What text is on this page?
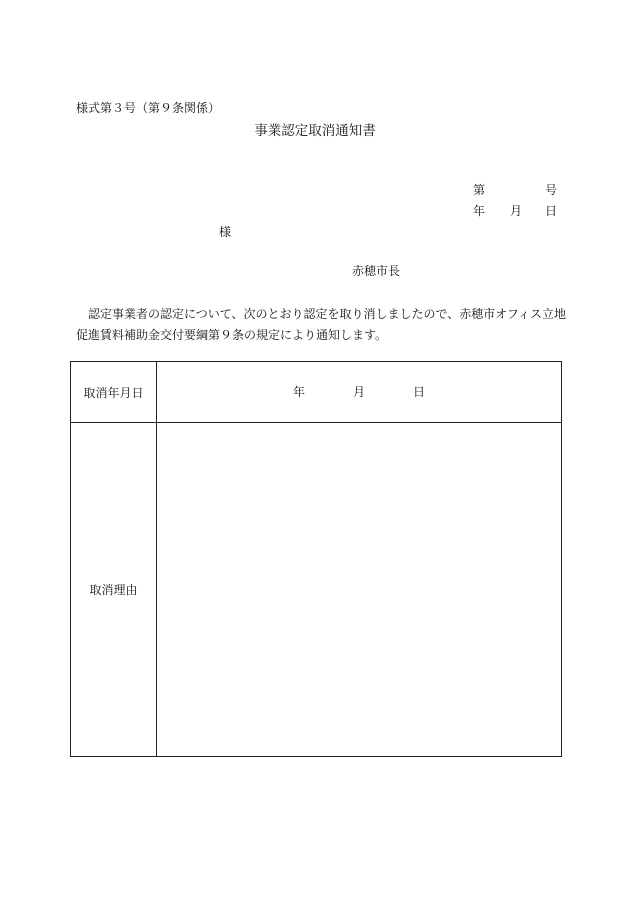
様式第３号（第９条関係）
事業認定取消通知書
第	号
年 月 日
様
赤穂市長
　認定事業者の認定について、次のとおり認定を取り消しましたので、赤穂市オフィス立地
促進賃料補助金交付要綱第９条の規定により通知します。
取消年月日	年 月 日

取消理由	
